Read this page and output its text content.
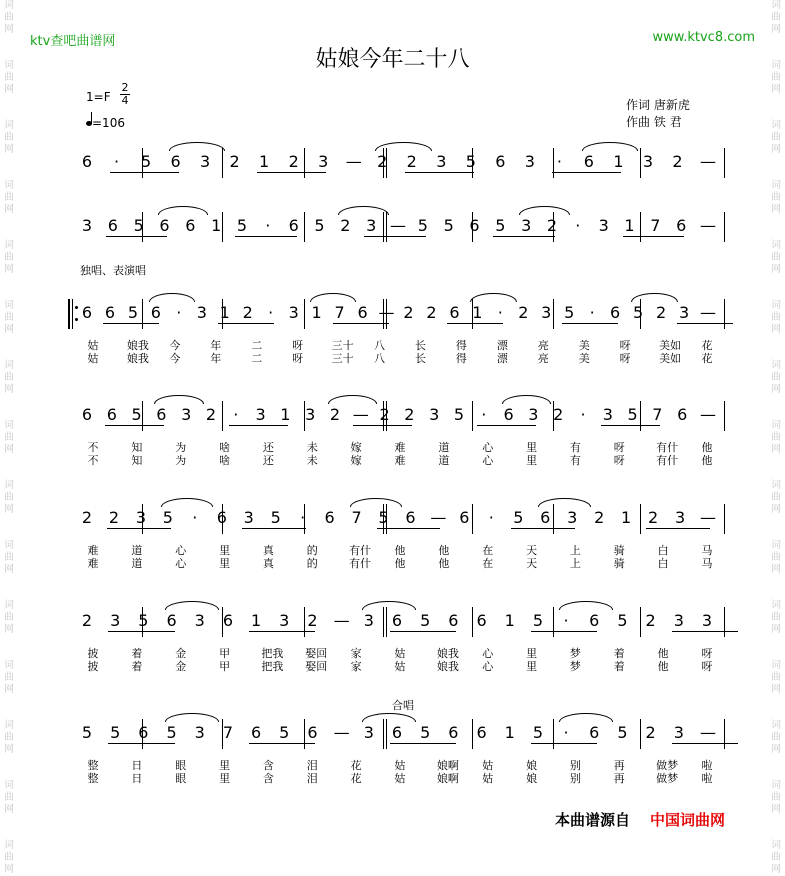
词
曲
网
词
曲
网
词
曲
网
词
曲
网
词
曲
网
词
曲
网
词
曲
网
词
曲
网
词
曲
网
词
曲
网
词
曲
网
词
曲
网
词
曲
网
词
曲
网
词
曲
网
词
曲
网
词
曲
网
词
曲
网
词
曲
网
词
曲
网
词
曲
网
词
曲
网
词
曲
网
词
曲
网
词
曲
网
词
曲
网
词
曲
网
词
曲
网
词
曲
网
词
曲
网
ktv查吧曲谱网	www.ktvc8.com
姑娘今年二十八
1=F
2
4
=106
作词 唐新虎
作曲 铁 君
独唱、表演唱
合唱
本曲谱源自 中国词曲网
6 · 5 6 3 2 1 2 3 — 2 2 3 5 6 3 · 6 1 3 2 —
3 6 5 6 6 1 5 · 6 5 2 3 — 5 5 6 5 3 2 · 3 1 7 6 —
6 6 5 6 · 3 1 2 · 3 1 7 6 — 2 2 6 1 · 2 3 5 · 6 5 2 3 —
姑	娘我 今	年	二	呀	三十 八	长	得	漂	亮	美	呀	美如 花
姑	娘我 今	年	二	呀	三十 八	长	得	漂	亮	美	呀	美如 花
6 6 5 6 3 2 · 3 1 3 2 — 2 2 3 5 · 6 3 2 · 3 5 7 6 —
不	知	为	啥	还	未	嫁	难	道	心	里	有	呀	有什 他
不	知	为	啥	还	未	嫁	难	道	心	里	有	呀	有什 他
2 2 3 5 · 6 3 5 · 6 7 5 6 — 6 · 5 6 3 2 1 2 3 —
难	道	心	里	真	的	有什 他	他	在	天	上	骑	白	马
难	道	心	里	真	的	有什 他	他	在	天	上	骑	白	马
2 3 5 6 3 6 1 3 2 — 3 6 5 6 6 1 5 · 6 5 2 3 3
披	着	金	甲	把我 娶回 家	姑	娘我 心	里	梦	着	他	呀
披	着	金	甲	把我 娶回 家	姑	娘我 心	里	梦	着	他	呀
5 5 6 5 3 7 6 5 6 — 3 6 5 6 6 1 5 · 6 5 2 3 —
整	日	眼	里	含	泪	花	姑	娘啊 姑	娘	别	再	做梦 啦
整	日	眼	里	含	泪	花	姑	娘啊 姑	娘	别	再	做梦 啦
